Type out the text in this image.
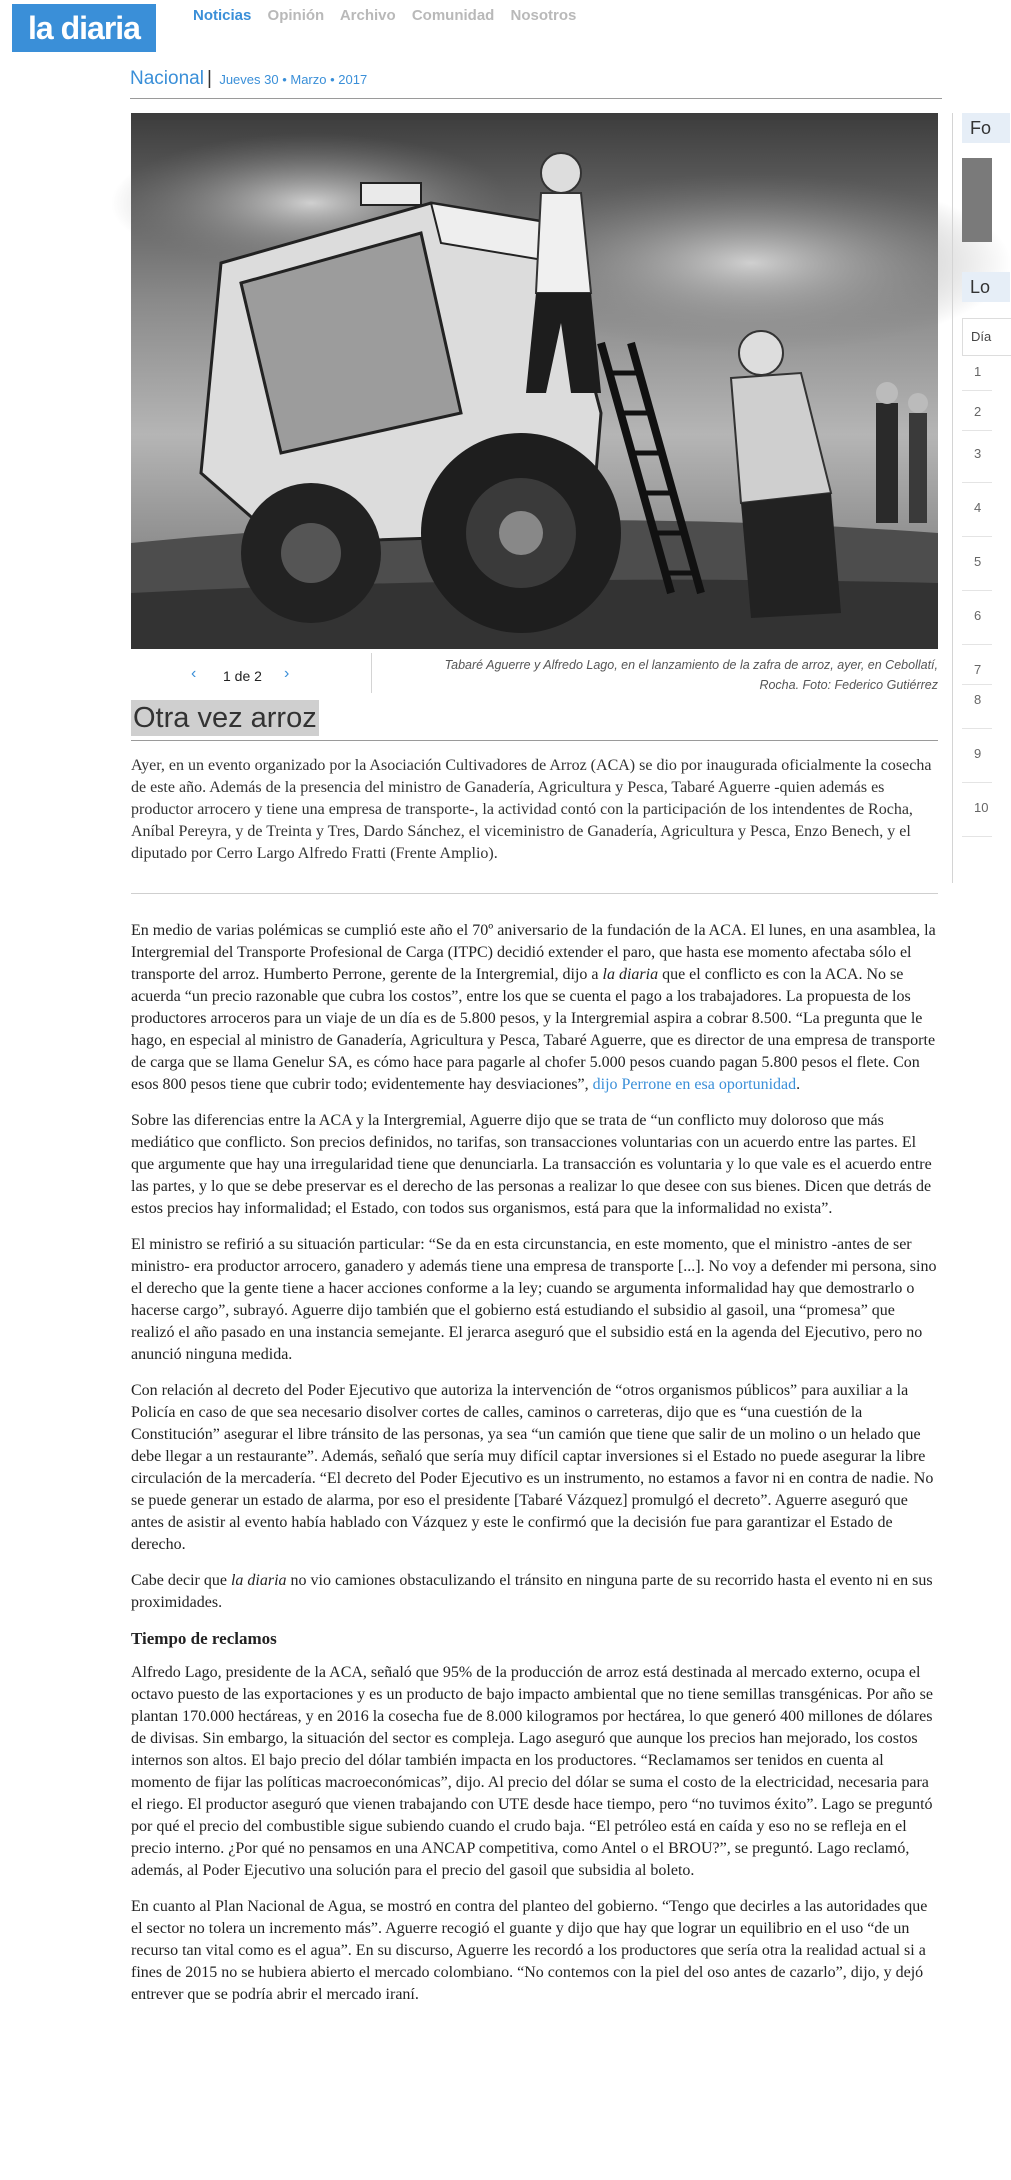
la diaria	Noticias Opinión Archivo Comunidad Nosotros
Nacional | Jueves 30 • Marzo • 2017
‹ 1 de 2 ›	Tabaré Aguerre y Alfredo Lago, en el lanzamiento de la zafra de arroz, ayer, en Cebollatí, Rocha. Foto: Federico Gutiérrez
Otra vez arroz
Ayer, en un evento organizado por la Asociación Cultivadores de Arroz (ACA) se dio por inaugurada oficialmente la cosecha de este año. Además de la presencia del ministro de Ganadería, Agricultura y Pesca, Tabaré Aguerre -quien además es productor arrocero y tiene una empresa de transporte-, la actividad contó con la participación de los intendentes de Rocha, Aníbal Pereyra, y de Treinta y Tres, Dardo Sánchez, el viceministro de Ganadería, Agricultura y Pesca, Enzo Benech, y el diputado por Cerro Largo Alfredo Fratti (Frente Amplio).

En medio de varias polémicas se cumplió este año el 70º aniversario de la fundación de la ACA. El lunes, en una asamblea, la Intergremial del Transporte Profesional de Carga (ITPC) decidió extender el paro, que hasta ese momento afectaba sólo el transporte del arroz. Humberto Perrone, gerente de la Intergremial, dijo a la diaria que el conflicto es con la ACA. No se acuerda “un precio razonable que cubra los costos”, entre los que se cuenta el pago a los trabajadores. La propuesta de los productores arroceros para un viaje de un día es de 5.800 pesos, y la Intergremial aspira a cobrar 8.500. “La pregunta que le hago, en especial al ministro de Ganadería, Agricultura y Pesca, Tabaré Aguerre, que es director de una empresa de transporte de carga que se llama Genelur SA, es cómo hace para pagarle al chofer 5.000 pesos cuando pagan 5.800 pesos el flete. Con esos 800 pesos tiene que cubrir todo; evidentemente hay desviaciones”, dijo Perrone en esa oportunidad.

Sobre las diferencias entre la ACA y la Intergremial, Aguerre dijo que se trata de “un conflicto muy doloroso que más mediático que conflicto. Son precios definidos, no tarifas, son transacciones voluntarias con un acuerdo entre las partes. El que argumente que hay una irregularidad tiene que denunciarla. La transacción es voluntaria y lo que vale es el acuerdo entre las partes, y lo que se debe preservar es el derecho de las personas a realizar lo que desee con sus bienes. Dicen que detrás de estos precios hay informalidad; el Estado, con todos sus organismos, está para que la informalidad no exista”.

El ministro se refirió a su situación particular: “Se da en esta circunstancia, en este momento, que el ministro -antes de ser ministro- era productor arrocero, ganadero y además tiene una empresa de transporte [...]. No voy a defender mi persona, sino el derecho que la gente tiene a hacer acciones conforme a la ley; cuando se argumenta informalidad hay que demostrarlo o hacerse cargo”, subrayó. Aguerre dijo también que el gobierno está estudiando el subsidio al gasoil, una “promesa” que realizó el año pasado en una instancia semejante. El jerarca aseguró que el subsidio está en la agenda del Ejecutivo, pero no anunció ninguna medida.

Con relación al decreto del Poder Ejecutivo que autoriza la intervención de “otros organismos públicos” para auxiliar a la Policía en caso de que sea necesario disolver cortes de calles, caminos o carreteras, dijo que es “una cuestión de la Constitución” asegurar el libre tránsito de las personas, ya sea “un camión que tiene que salir de un molino o un helado que debe llegar a un restaurante”. Además, señaló que sería muy difícil captar inversiones si el Estado no puede asegurar la libre circulación de la mercadería. “El decreto del Poder Ejecutivo es un instrumento, no estamos a favor ni en contra de nadie. No se puede generar un estado de alarma, por eso el presidente [Tabaré Vázquez] promulgó el decreto”. Aguerre aseguró que antes de asistir al evento había hablado con Vázquez y este le confirmó que la decisión fue para garantizar el Estado de derecho.

Cabe decir que la diaria no vio camiones obstaculizando el tránsito en ninguna parte de su recorrido hasta el evento ni en sus proximidades.

Tiempo de reclamos

Alfredo Lago, presidente de la ACA, señaló que 95% de la producción de arroz está destinada al mercado externo, ocupa el octavo puesto de las exportaciones y es un producto de bajo impacto ambiental que no tiene semillas transgénicas. Por año se plantan 170.000 hectáreas, y en 2016 la cosecha fue de 8.000 kilogramos por hectárea, lo que generó 400 millones de dólares de divisas. Sin embargo, la situación del sector es compleja. Lago aseguró que aunque los precios han mejorado, los costos internos son altos. El bajo precio del dólar también impacta en los productores. “Reclamamos ser tenidos en cuenta al momento de fijar las políticas macroeconómicas”, dijo. Al precio del dólar se suma el costo de la electricidad, necesaria para el riego. El productor aseguró que vienen trabajando con UTE desde hace tiempo, pero “no tuvimos éxito”. Lago se preguntó por qué el precio del combustible sigue subiendo cuando el crudo baja. “El petróleo está en caída y eso no se refleja en el precio interno. ¿Por qué no pensamos en una ANCAP competitiva, como Antel o el BROU?”, se preguntó. Lago reclamó, además, al Poder Ejecutivo una solución para el precio del gasoil que subsidia al boleto.

En cuanto al Plan Nacional de Agua, se mostró en contra del planteo del gobierno. “Tengo que decirles a las autoridades que el sector no tolera un incremento más”. Aguerre recogió el guante y dijo que hay que lograr un equilibrio en el uso “de un recurso tan vital como es el agua”. En su discurso, Aguerre les recordó a los productores que sería otra la realidad actual si a fines de 2015 no se hubiera abierto el mercado colombiano. “No contemos con la piel del oso antes de cazarlo”, dijo, y dejó entrever que se podría abrir el mercado iraní.

Fo
Lo
Día
1
2
3
4
5
6
7
8
9
10
